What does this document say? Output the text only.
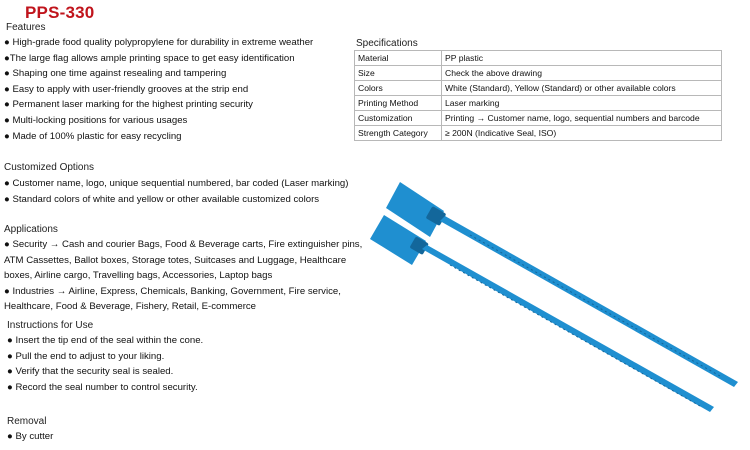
PPS-330
Features
● High-grade food quality polypropylene for durability in extreme weather
●The large flag allows ample printing space to get easy identification
● Shaping one time against resealing and tampering
● Easy to apply with user-friendly grooves at the strip end
● Permanent laser marking for the highest printing security
● Multi-locking positions for various usages
● Made of 100% plastic for easy recycling
Customized Options
● Customer name, logo, unique sequential numbered, bar coded (Laser marking)
● Standard colors of white and yellow or other available customized colors
Applications
● Security → Cash and courier Bags, Food & Beverage carts, Fire extinguisher pins,
ATM Cassettes, Ballot boxes, Storage totes, Suitcases and Luggage, Healthcare
boxes, Airline cargo, Travelling bags, Accessories, Laptop bags
● Industries → Airline, Express, Chemicals, Banking, Government, Fire service,
Healthcare, Food & Beverage, Fishery, Retail, E-commerce
Instructions for Use
● Insert the tip end of the seal within the cone.
● Pull the end to adjust to your liking.
● Verify that the security seal is sealed.
● Record the seal number to control security.
Removal
● By cutter
Specifications
Material	PP plastic
Size	Check the above drawing
Colors	White (Standard), Yellow (Standard) or other available colors
Printing Method	Laser marking
Customization	Printing → Customer name, logo, sequential numbers and barcode
Strength Category	≥ 200N (Indicative Seal, ISO)
